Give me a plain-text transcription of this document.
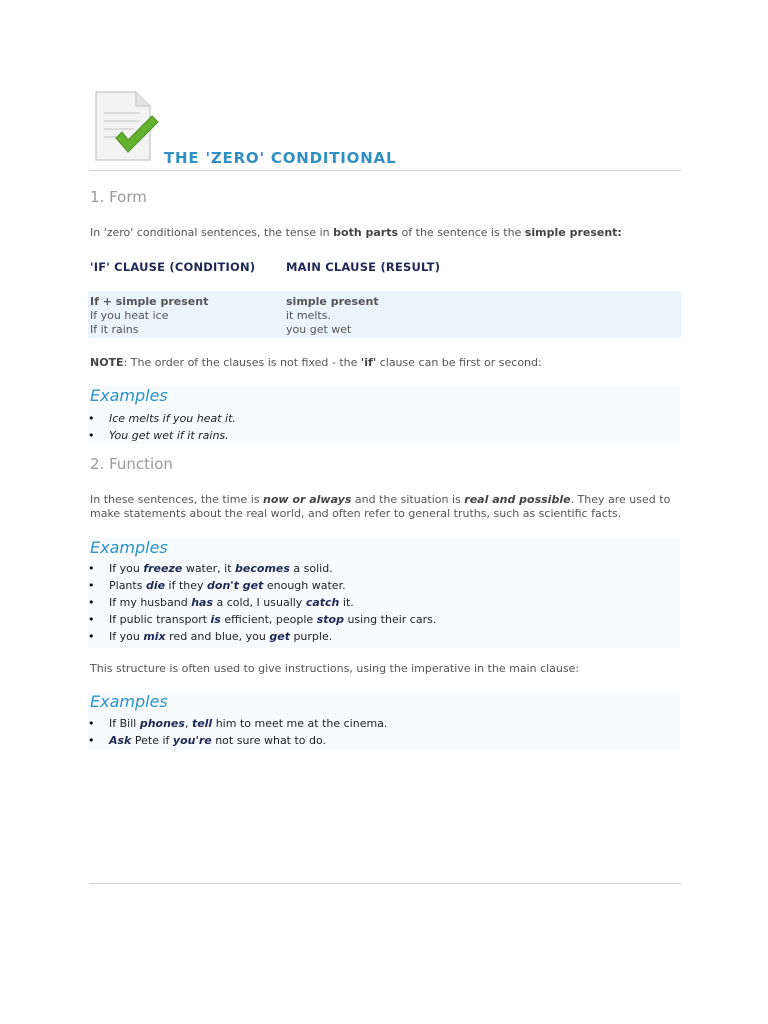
THE 'ZERO' CONDITIONAL
1. Form
In 'zero' conditional sentences, the tense in both parts of the sentence is the simple present:
'IF' CLAUSE (CONDITION)	MAIN CLAUSE (RESULT)
If + simple present
If you heat ice
If it rains
simple present
it melts.
you get wet
NOTE: The order of the clauses is not fixed - the 'if' clause can be first or second:
Examples
• Ice melts if you heat it.
• You get wet if it rains.
2. Function
In these sentences, the time is now or always and the situation is real and possible. They are used to make statements about the real world, and often refer to general truths, such as scientific facts.
Examples
• If you freeze water, it becomes a solid.
• Plants die if they don't get enough water.
• If my husband has a cold, I usually catch it.
• If public transport is efficient, people stop using their cars.
• If you mix red and blue, you get purple.
This structure is often used to give instructions, using the imperative in the main clause:
Examples
• If Bill phones, tell him to meet me at the cinema.
• Ask Pete if you're not sure what to do.
